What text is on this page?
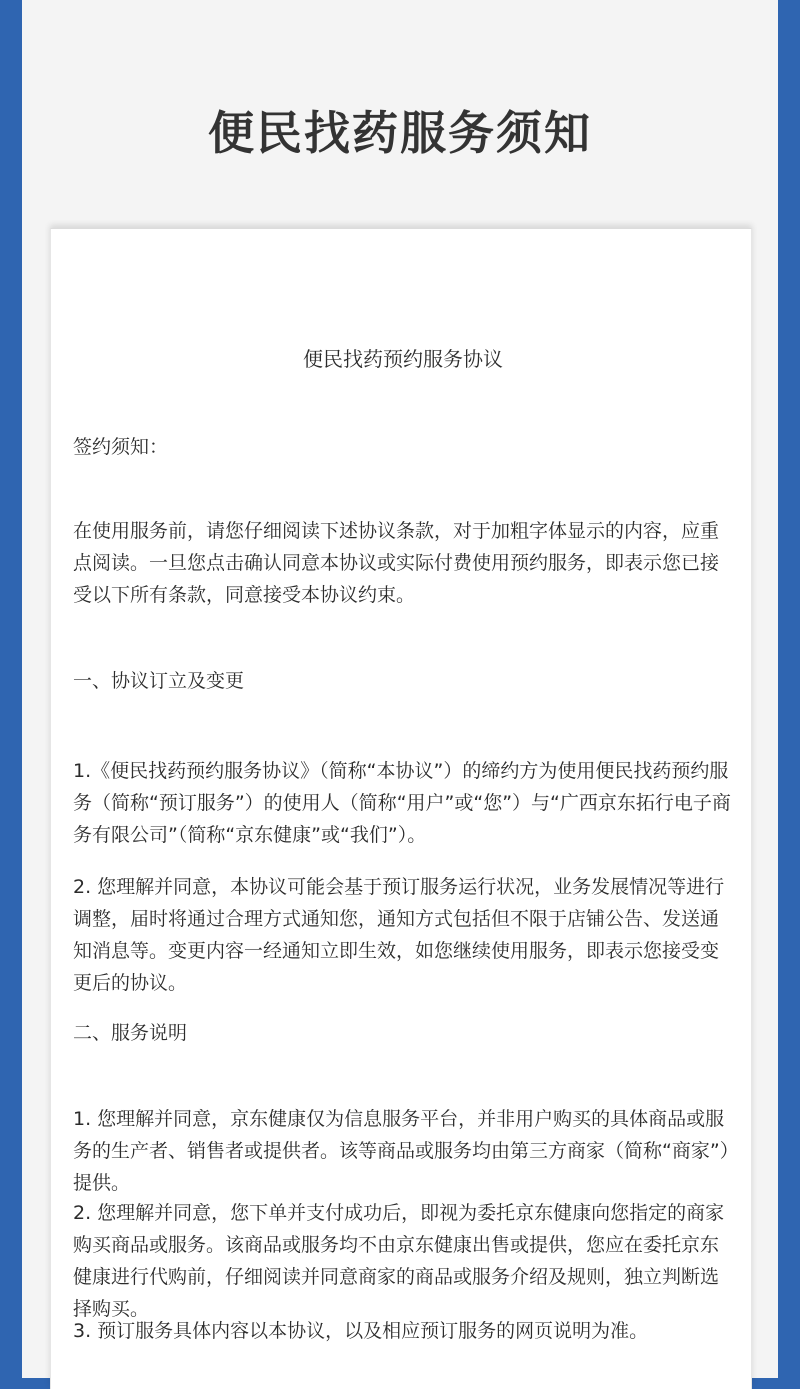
便民找药服务须知
便民找药预约服务协议

签约须知：

在使用服务前，请您仔细阅读下述协议条款，对于加粗字体显示的内容，应重点阅读。一旦您点击确认同意本协议或实际付费使用预约服务，即表示您已接受以下所有条款，同意接受本协议约束。

一、协议订立及变更

1.《便民找药预约服务协议》（简称“本协议”）的缔约方为使用便民找药预约服务（简称“预订服务”）的使用人（简称“用户”或“您”）与“广西京东拓行电子商务有限公司”（简称“京东健康”或“我们”）。

2. 您理解并同意，本协议可能会基于预订服务运行状况，业务发展情况等进行调整，届时将通过合理方式通知您，通知方式包括但不限于店铺公告、发送通知消息等。变更内容一经通知立即生效，如您继续使用服务，即表示您接受变更后的协议。

二、服务说明

1. 您理解并同意，京东健康仅为信息服务平台，并非用户购买的具体商品或服务的生产者、销售者或提供者。该等商品或服务均由第三方商家（简称“商家”）提供。

2. 您理解并同意，您下单并支付成功后，即视为委托京东健康向您指定的商家购买商品或服务。该商品或服务均不由京东健康出售或提供，您应在委托京东健康进行代购前，仔细阅读并同意商家的商品或服务介绍及规则，独立判断选择购买。

3. 预订服务具体内容以本协议，以及相应预订服务的网页说明为准。
